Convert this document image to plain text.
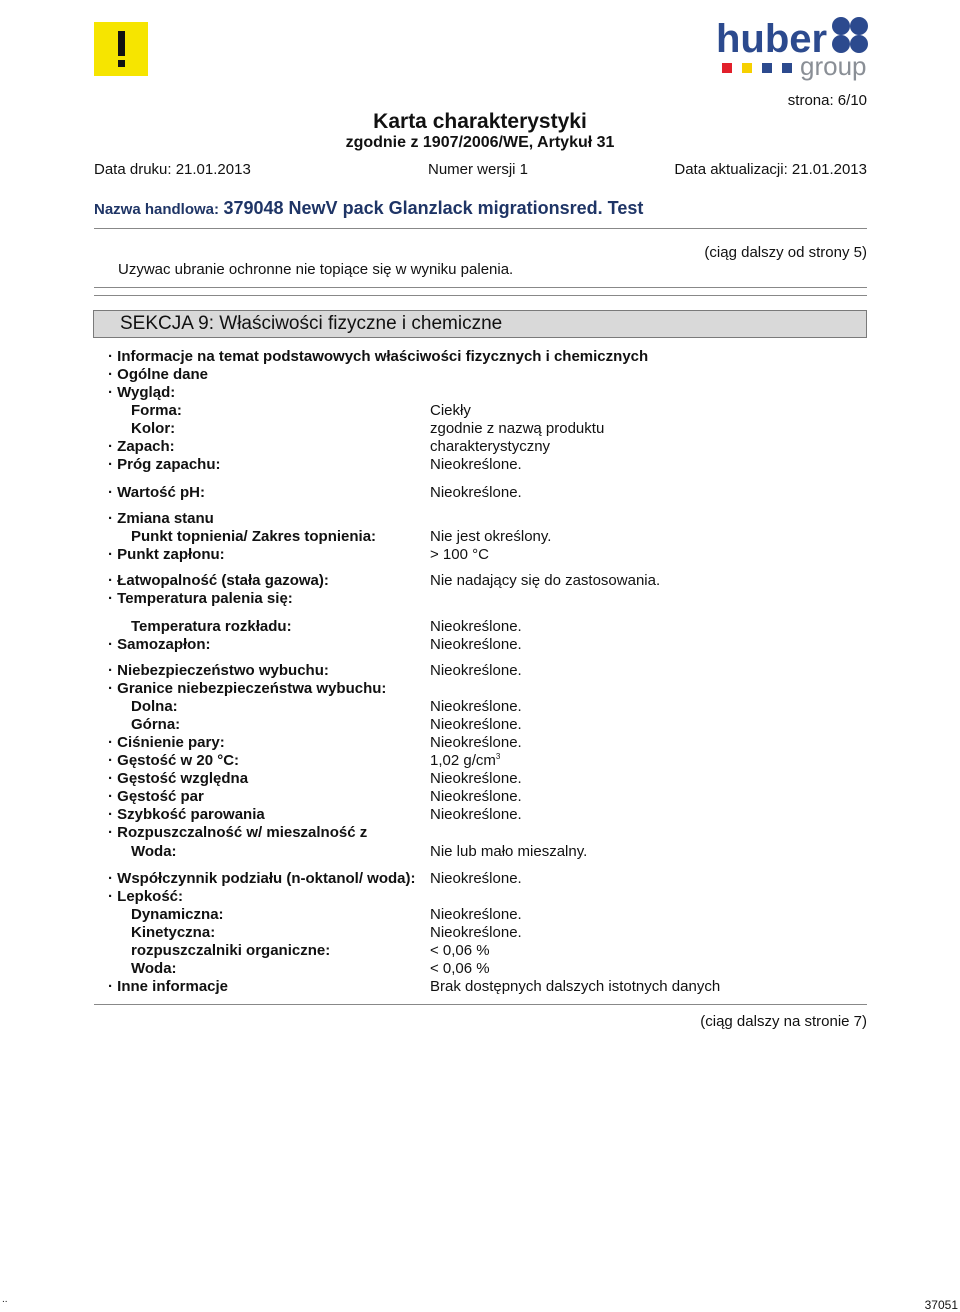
huber
group
strona: 6/10
Karta charakterystyki
zgodnie z 1907/2006/WE, Artykuł 31
Data druku: 21.01.2013	Numer wersji 1	Data aktualizacji: 21.01.2013
Nazwa handlowa: 379048 NewV pack Glanzlack migrationsred. Test
(ciąg dalszy od strony 5)
Uzywac ubranie ochronne nie topiące się w wyniku palenia.
SEKCJA 9: Właściwości fizyczne i chemiczne
· Informacje na temat podstawowych właściwości fizycznych i chemicznych
· Ogólne dane
· Wygląd:
Forma:	Ciekły
Kolor:	zgodnie z nazwą produktu
· Zapach:	charakterystyczny
· Próg zapachu:	Nieokreślone.
· Wartość pH:	Nieokreślone.
· Zmiana stanu
Punkt topnienia/ Zakres topnienia:	Nie jest określony.
· Punkt zapłonu:	> 100 °C
· Łatwopalność (stała gazowa):	Nie nadający się do zastosowania.
· Temperatura palenia się:
Temperatura rozkładu:	Nieokreślone.
· Samozapłon:	Nieokreślone.
· Niebezpieczeństwo wybuchu:	Nieokreślone.
· Granice niebezpieczeństwa wybuchu:
Dolna:	Nieokreślone.
Górna:	Nieokreślone.
· Ciśnienie pary:	Nieokreślone.
· Gęstość w 20 °C:	1,02 $g/cm^3$
· Gęstość względna	Nieokreślone.
· Gęstość par	Nieokreślone.
· Szybkość parowania	Nieokreślone.
· Rozpuszczalność w/ mieszalność z
Woda:	Nie lub mało mieszalny.
· Współczynnik podziału (n-oktanol/ woda): Nieokreślone.
· Lepkość:
Dynamiczna:	Nieokreślone.
Kinetyczna:	Nieokreślone.
rozpuszczalniki organiczne:	< 0,06 %
Woda:	< 0,06 %
· Inne informacje	Brak dostępnych dalszych istotnych danych
(ciąg dalszy na stronie 7)
..	37051
